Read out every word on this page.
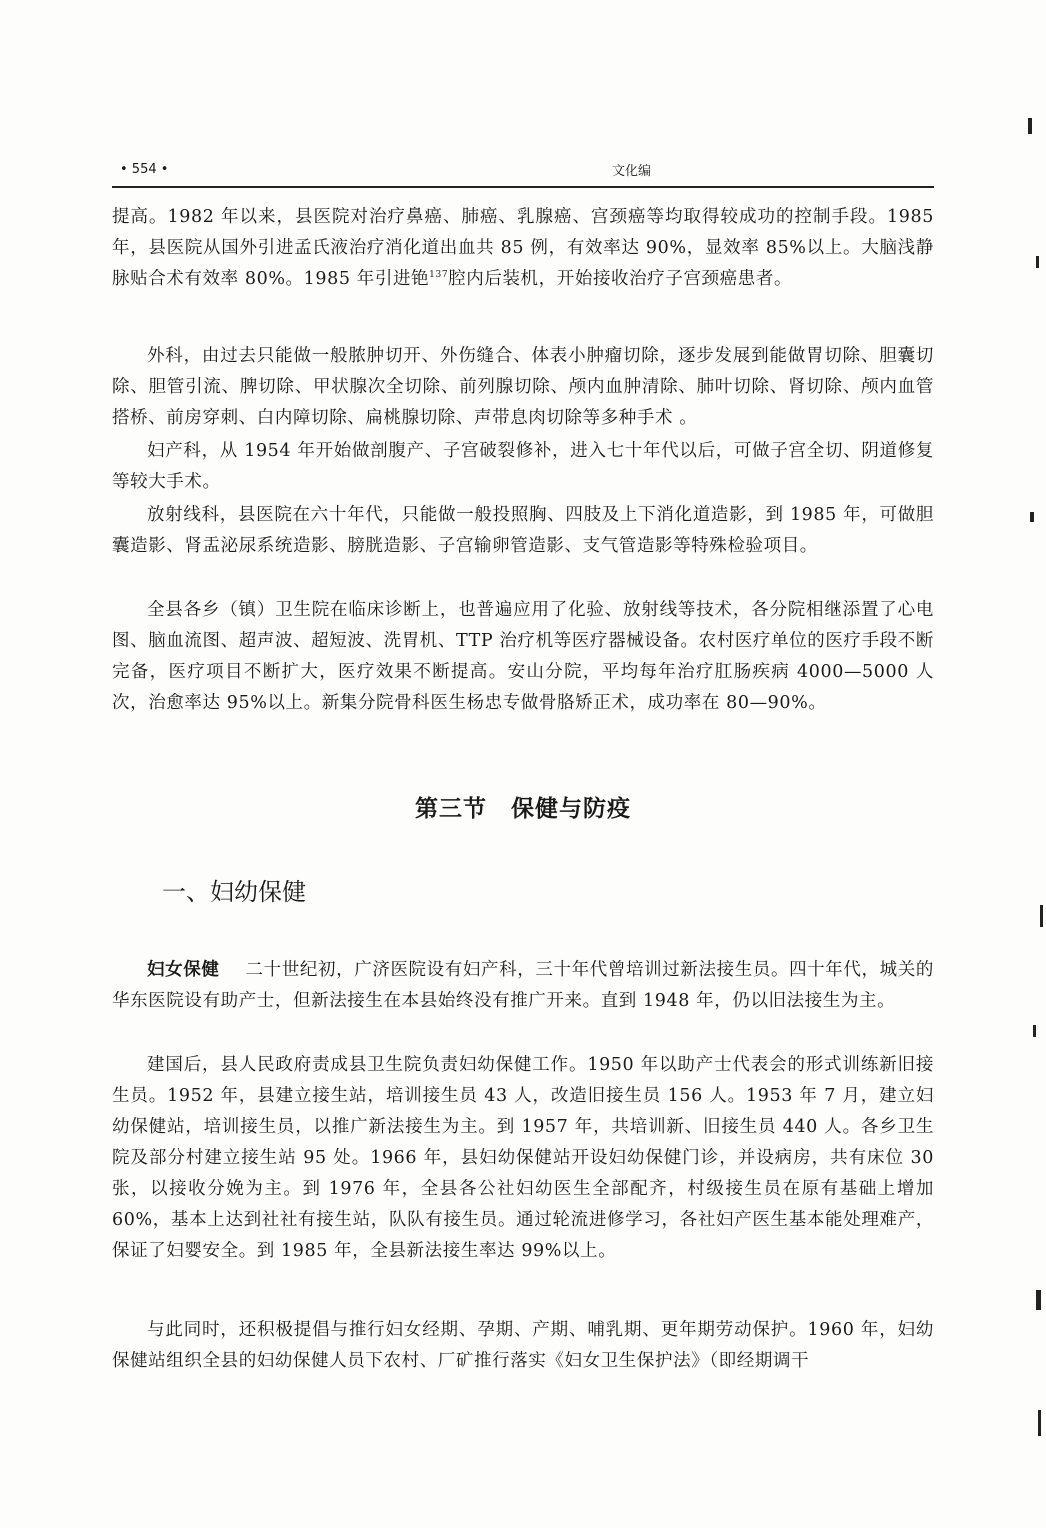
• 554 •	文化编

提高。1982 年以来，县医院对治疗鼻癌、肺癌、乳腺癌、宫颈癌等均取得较成功的控制手段。1985 年，县医院从国外引进孟氏液治疗消化道出血共 85 例，有效率达 90%，显效率 85%以上。大脑浅静脉贴合术有效率 80%。1985 年引进铯$^{137}$腔内后装机，开始接收治疗子宫颈癌患者。

外科，由过去只能做一般脓肿切开、外伤缝合、体表小肿瘤切除，逐步发展到能做胃切除、胆囊切除、胆管引流、脾切除、甲状腺次全切除、前列腺切除、颅内血肿清除、肺叶切除、肾切除、颅内血管搭桥、前房穿刺、白内障切除、扁桃腺切除、声带息肉切除等多种手术 。

妇产科，从 1954 年开始做剖腹产、子宫破裂修补，进入七十年代以后，可做子宫全切、阴道修复等较大手术。

放射线科，县医院在六十年代，只能做一般投照胸、四肢及上下消化道造影，到 1985 年，可做胆囊造影、肾盂泌尿系统造影、膀胱造影、子宫输卵管造影、支气管造影等特殊检验项目。

全县各乡（镇）卫生院在临床诊断上，也普遍应用了化验、放射线等技术，各分院相继添置了心电图、脑血流图、超声波、超短波、洗胃机、TTP 治疗机等医疗器械设备。农村医疗单位的医疗手段不断完备，医疗项目不断扩大，医疗效果不断提高。安山分院，平均每年治疗肛肠疾病 4000—5000 人次，治愈率达 95%以上。新集分院骨科医生杨忠专做骨胳矫正术，成功率在 80—90%。

第三节 保健与防疫
一、妇幼保健

妇女保健 二十世纪初，广济医院设有妇产科，三十年代曾培训过新法接生员。四十年代，城关的华东医院设有助产士，但新法接生在本县始终没有推广开来。直到 1948 年，仍以旧法接生为主。

建国后，县人民政府责成县卫生院负责妇幼保健工作。1950 年以助产士代表会的形式训练新旧接生员。1952 年，县建立接生站，培训接生员 43 人，改造旧接生员 156 人。1953 年 7 月，建立妇幼保健站，培训接生员，以推广新法接生为主。到 1957 年，共培训新、旧接生员 440 人。各乡卫生院及部分村建立接生站 95 处。1966 年，县妇幼保健站开设妇幼保健门诊，并设病房，共有床位 30 张，以接收分娩为主。到 1976 年，全县各公社妇幼医生全部配齐，村级接生员在原有基础上增加 60%，基本上达到社社有接生站，队队有接生员。通过轮流进修学习，各社妇产医生基本能处理难产，保证了妇婴安全。到 1985 年，全县新法接生率达 99%以上。

与此同时，还积极提倡与推行妇女经期、孕期、产期、哺乳期、更年期劳动保护。1960 年，妇幼保健站组织全县的妇幼保健人员下农村、厂矿推行落实《妇女卫生保护法》（即经期调干
